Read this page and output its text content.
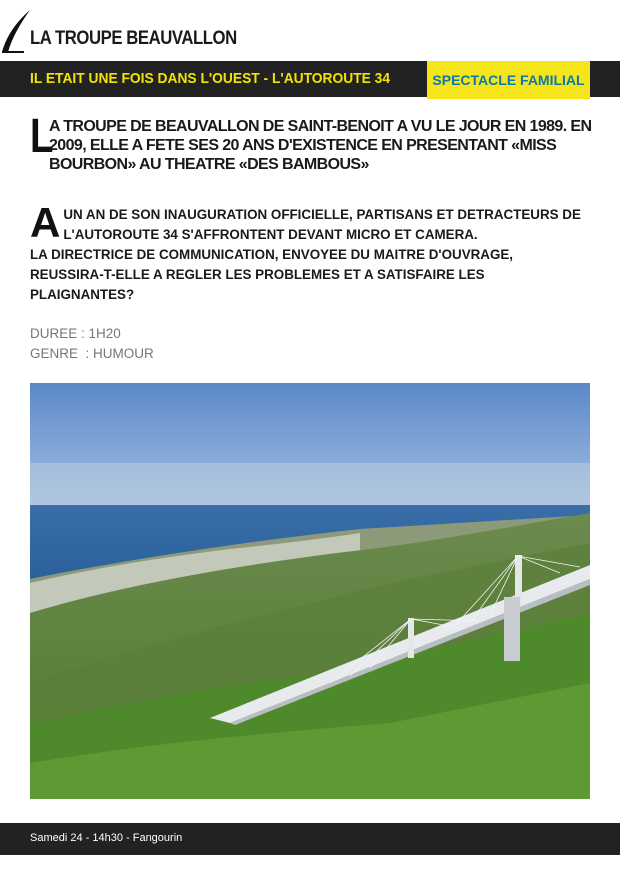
LA TROUPE BEAUVALLON
IL ETAIT UNE FOIS DANS L'OUEST - L'AUTOROUTE 34	SPECTACLE FAMILIAL
L

A TROUPE DE BEAUVALLON DE SAINT-BENOIT A VU LE JOUR EN 1989. EN 2009, ELLE A FETE SES 20 ANS D'EXISTENCE EN PRESENTANT «MISS BOURBON» AU THEATRE «DES BAMBOUS»

A UN AN DE SON INAUGURATION OFFICIELLE, PARTISANS ET DETRACTEURS DE L'AUTOROUTE 34 S'AFFRONTENT DEVANT MICRO ET CAMERA.

LA DIRECTRICE DE COMMUNICATION, ENVOYEE DU MAITRE D'OUVRAGE, REUSSIRA-T-ELLE A REGLER LES PROBLEMES ET A SATISFAIRE LES PLAIGNANTES?

DUREE : 1H20
GENRE  : HUMOUR
Samedi 24 - 14h30 - Fangourin
